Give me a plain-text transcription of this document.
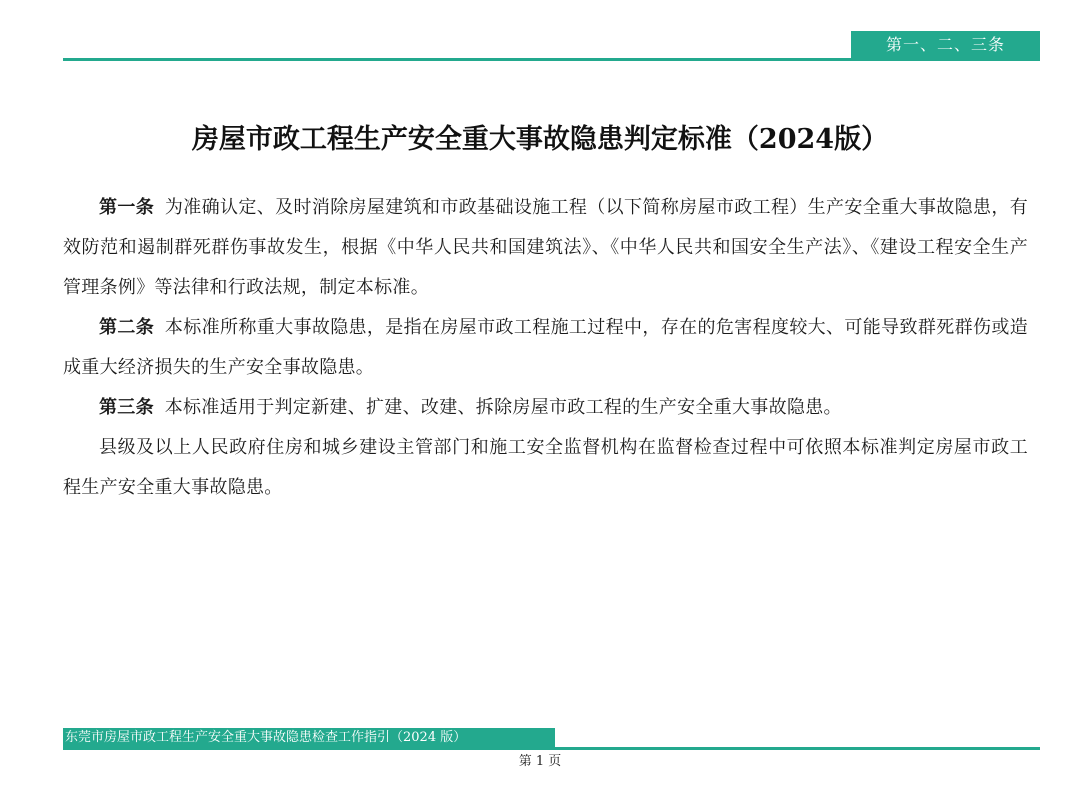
第一、二、三条
房屋市政工程生产安全重大事故隐患判定标准（2024版）

第一条 为准确认定、及时消除房屋建筑和市政基础设施工程（以下简称房屋市政工程）生产安全重大事故隐患，有效防范和遏制群死群伤事故发生，根据《中华人民共和国建筑法》、《中华人民共和国安全生产法》、《建设工程安全生产管理条例》等法律和行政法规，制定本标准。

第二条 本标准所称重大事故隐患，是指在房屋市政工程施工过程中，存在的危害程度较大、可能导致群死群伤或造成重大经济损失的生产安全事故隐患。

第三条 本标准适用于判定新建、扩建、改建、拆除房屋市政工程的生产安全重大事故隐患。

县级及以上人民政府住房和城乡建设主管部门和施工安全监督机构在监督检查过程中可依照本标准判定房屋市政工程生产安全重大事故隐患。

东莞市房屋市政工程生产安全重大事故隐患检查工作指引（2024 版）
第 1 页
